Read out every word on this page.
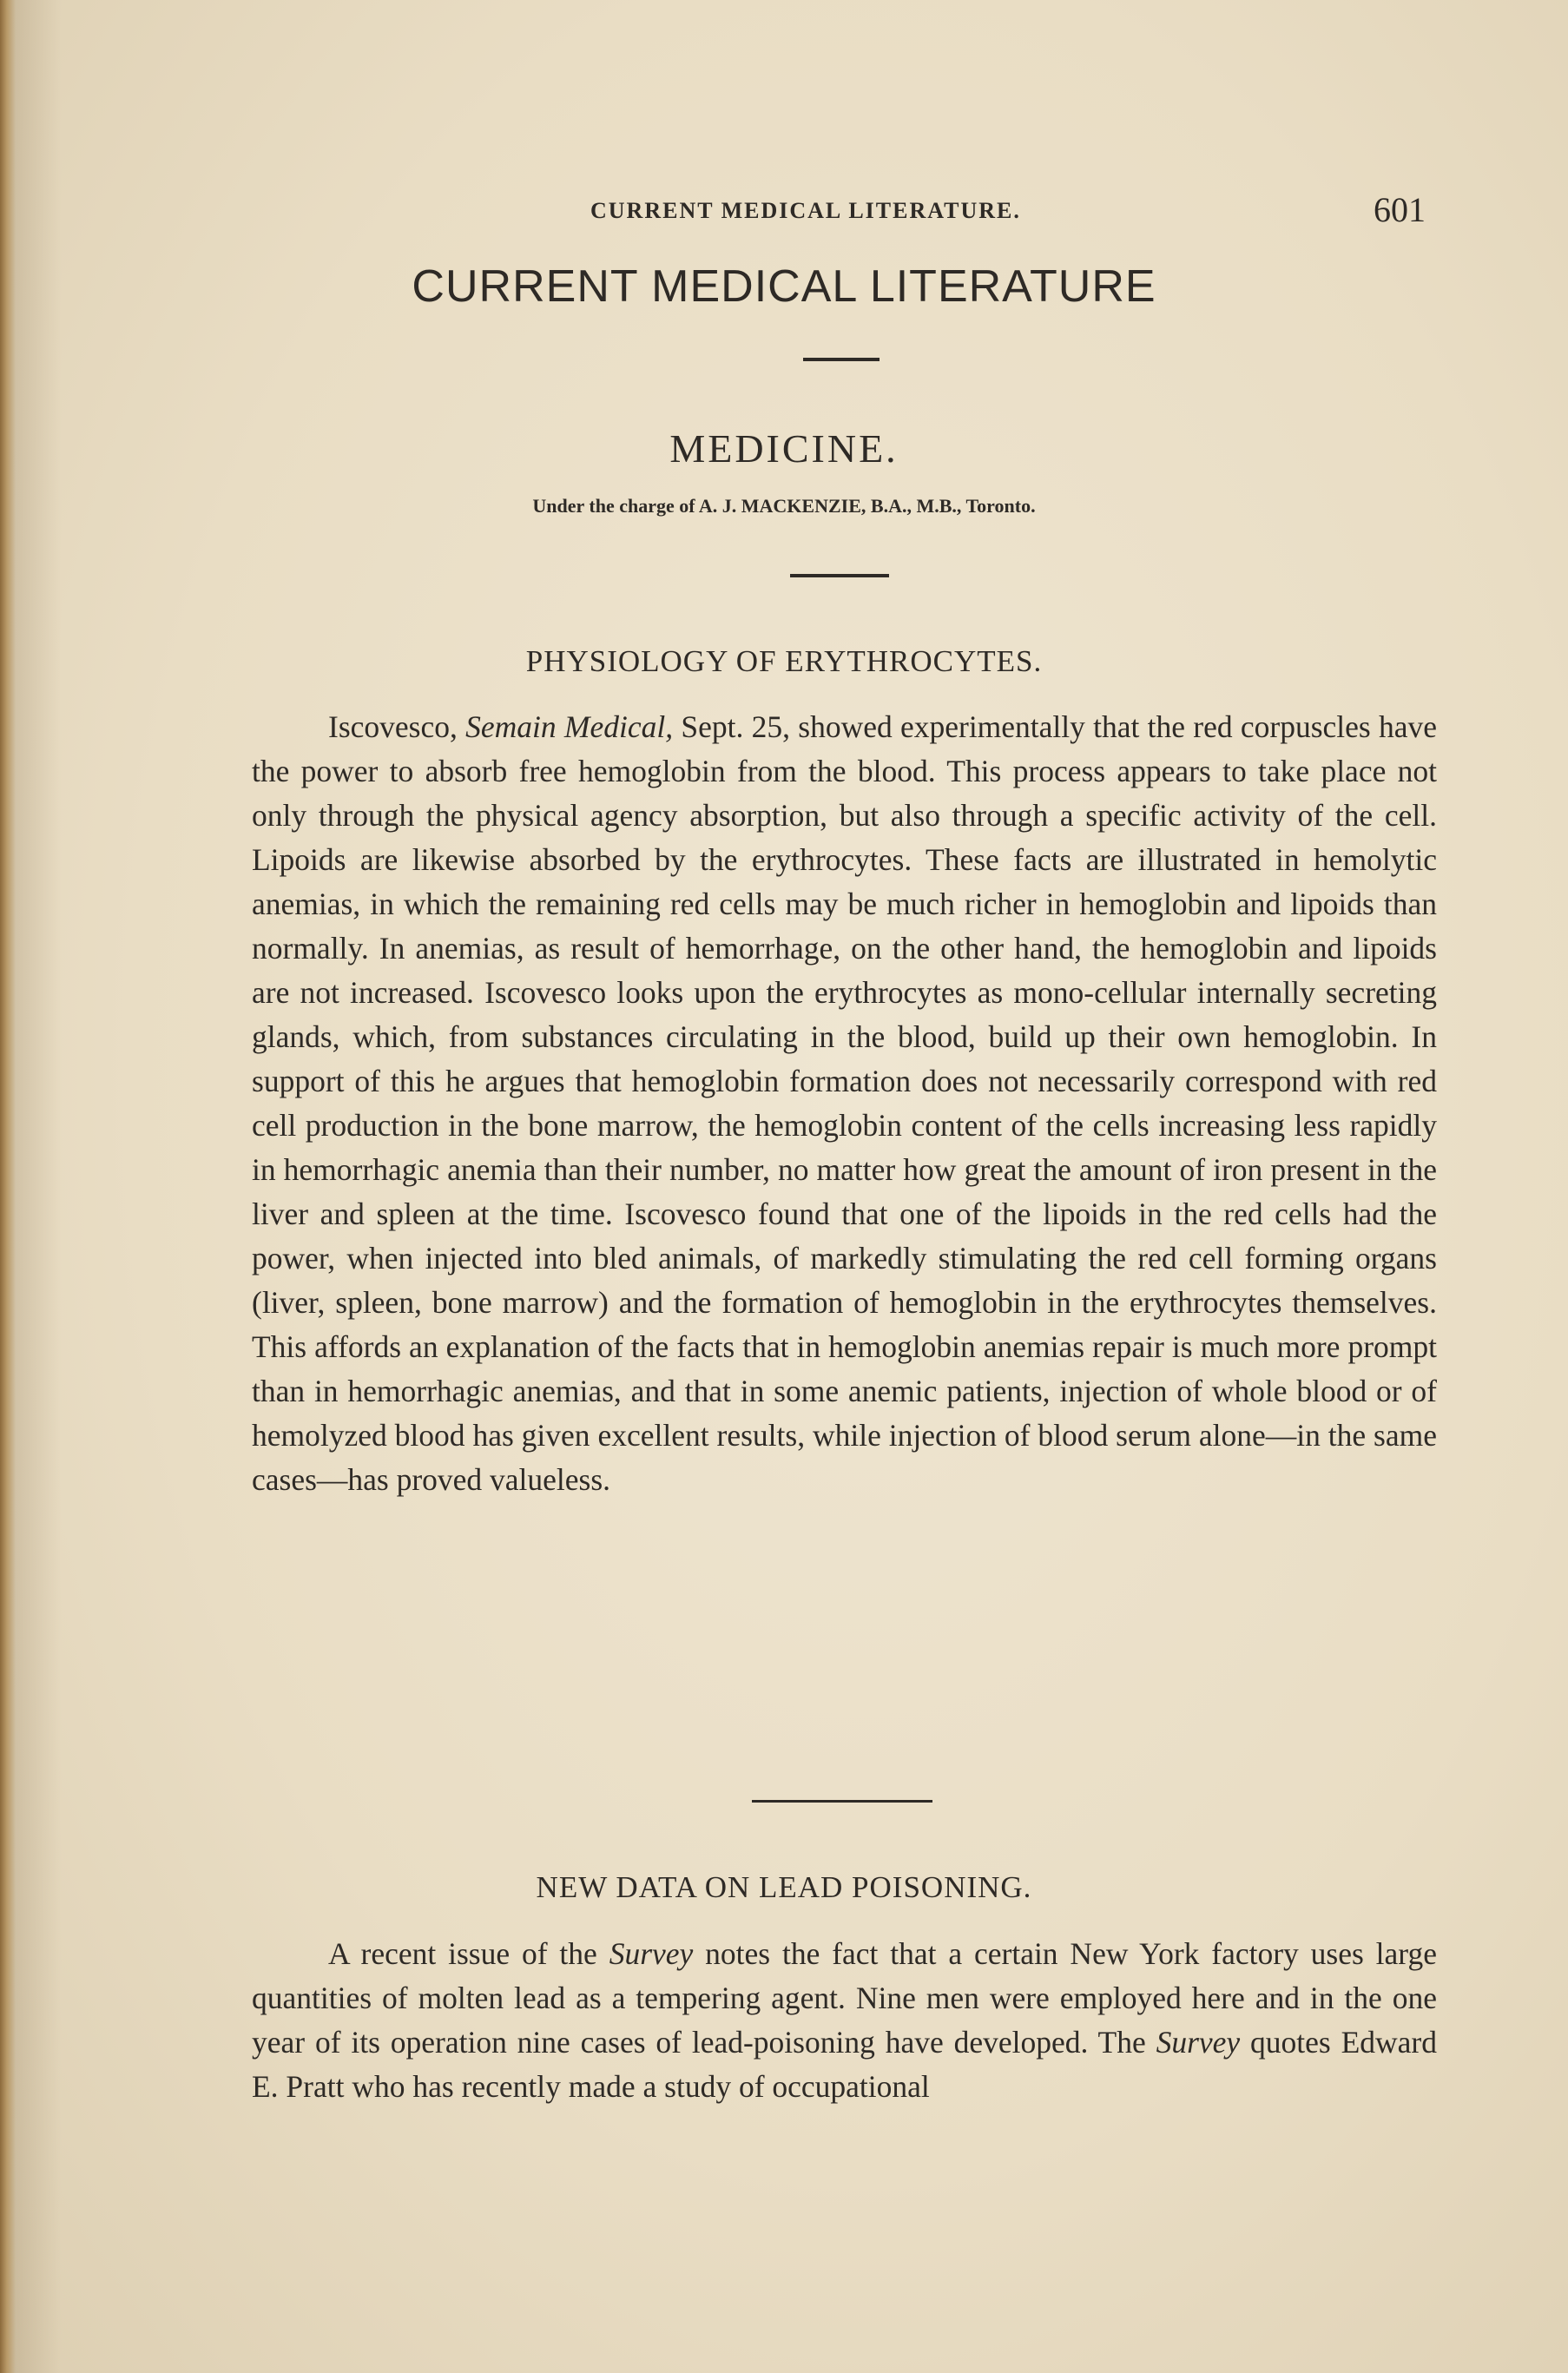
CURRENT MEDICAL LITERATURE.	601
CURRENT MEDICAL LITERATURE
MEDICINE.
Under the charge of A. J. MACKENZIE, B.A., M.B., Toronto.
PHYSIOLOGY OF ERYTHROCYTES.

Iscovesco, Semain Medical, Sept. 25, showed experimentally that the red corpuscles have the power to absorb free hemoglobin from the blood. This process appears to take place not only through the physical agency absorption, but also through a specific activity of the cell. Lipoids are likewise absorbed by the erythrocytes. These facts are illustrated in hemolytic anemias, in which the remaining red cells may be much richer in hemoglobin and lipoids than normally. In anemias, as result of hemorrhage, on the other hand, the hemoglobin and lipoids are not increased. Iscovesco looks upon the erythrocytes as mono-cellular internally secreting glands, which, from substances circulating in the blood, build up their own hemoglobin. In support of this he argues that hemoglobin formation does not necessarily correspond with red cell production in the bone marrow, the hemoglobin content of the cells increasing less rapidly in hemorrhagic anemia than their number, no matter how great the amount of iron present in the liver and spleen at the time. Iscovesco found that one of the lipoids in the red cells had the power, when injected into bled animals, of markedly stimulating the red cell forming organs (liver, spleen, bone marrow) and the formation of hemoglobin in the erythrocytes themselves. This affords an explanation of the facts that in hemoglobin anemias repair is much more prompt than in hemorrhagic anemias, and that in some anemic patients, injection of whole blood or of hemolyzed blood has given excellent results, while injection of blood serum alone—in the same cases—has proved valueless.

NEW DATA ON LEAD POISONING.

A recent issue of the Survey notes the fact that a certain New York factory uses large quantities of molten lead as a tempering agent. Nine men were employed here and in the one year of its operation nine cases of lead-poisoning have developed. The Survey quotes Edward E. Pratt who has recently made a study of occupational
